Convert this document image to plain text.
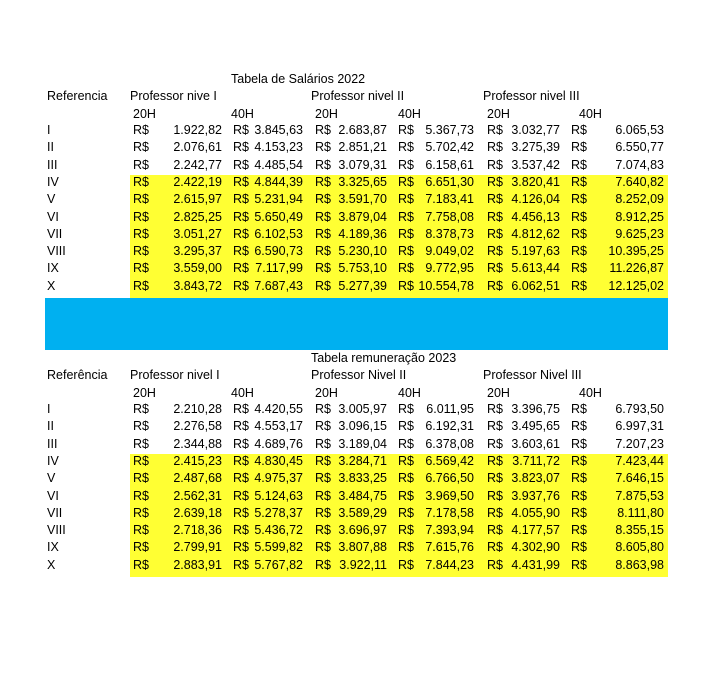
Tabela de Salários 2022
Referencia Professor nive I	Professor nivel II	Professor nivel III
20H	40H	20H	40H	20H	40H
I	R$ 1.922,82 R$ 3.845,63 R$ 2.683,87 R$ 5.367,73 R$ 3.032,77 R$ 6.065,53
II	R$ 2.076,61 R$ 4.153,23 R$ 2.851,21 R$ 5.702,42 R$ 3.275,39 R$ 6.550,77
III	R$ 2.242,77 R$ 4.485,54 R$ 3.079,31 R$ 6.158,61 R$ 3.537,42 R$ 7.074,83
IV	R$ 2.422,19 R$ 4.844,39 R$ 3.325,65 R$ 6.651,30 R$ 3.820,41 R$ 7.640,82
V	R$ 2.615,97 R$ 5.231,94 R$ 3.591,70 R$ 7.183,41 R$ 4.126,04 R$ 8.252,09
VI	R$ 2.825,25 R$ 5.650,49 R$ 3.879,04 R$ 7.758,08 R$ 4.456,13 R$ 8.912,25
VII	R$ 3.051,27 R$ 6.102,53 R$ 4.189,36 R$ 8.378,73 R$ 4.812,62 R$ 9.625,23
VIII	R$ 3.295,37 R$ 6.590,73 R$ 5.230,10 R$ 9.049,02 R$ 5.197,63 R$ 10.395,25
IX	R$ 3.559,00 R$ 7.117,99 R$ 5.753,10 R$ 9.772,95 R$ 5.613,44 R$ 11.226,87
X	R$ 3.843,72 R$ 7.687,43 R$ 5.277,39 R$ 10.554,78 R$ 6.062,51 R$ 12.125,02
Tabela remuneração 2023
Referência Professor nivel I	Professor Nivel II	Professor Nivel III
20H	40H	20H	40H	20H	40H
I	R$ 2.210,28 R$ 4.420,55 R$ 3.005,97 R$ 6.011,95 R$ 3.396,75 R$ 6.793,50
II	R$ 2.276,58 R$ 4.553,17 R$ 3.096,15 R$ 6.192,31 R$ 3.495,65 R$ 6.997,31
III	R$ 2.344,88 R$ 4.689,76 R$ 3.189,04 R$ 6.378,08 R$ 3.603,61 R$ 7.207,23
IV	R$ 2.415,23 R$ 4.830,45 R$ 3.284,71 R$ 6.569,42 R$ 3.711,72 R$ 7.423,44
V	R$ 2.487,68 R$ 4.975,37 R$ 3.833,25 R$ 6.766,50 R$ 3.823,07 R$ 7.646,15
VI	R$ 2.562,31 R$ 5.124,63 R$ 3.484,75 R$ 3.969,50 R$ 3.937,76 R$ 7.875,53
VII	R$ 2.639,18 R$ 5.278,37 R$ 3.589,29 R$ 7.178,58 R$ 4.055,90 R$ 8.111,80
VIII	R$ 2.718,36 R$ 5.436,72 R$ 3.696,97 R$ 7.393,94 R$ 4.177,57 R$ 8.355,15
IX	R$ 2.799,91 R$ 5.599,82 R$ 3.807,88 R$ 7.615,76 R$ 4.302,90 R$ 8.605,80
X	R$ 2.883,91 R$ 5.767,82 R$ 3.922,11 R$ 7.844,23 R$ 4.431,99 R$ 8.863,98
